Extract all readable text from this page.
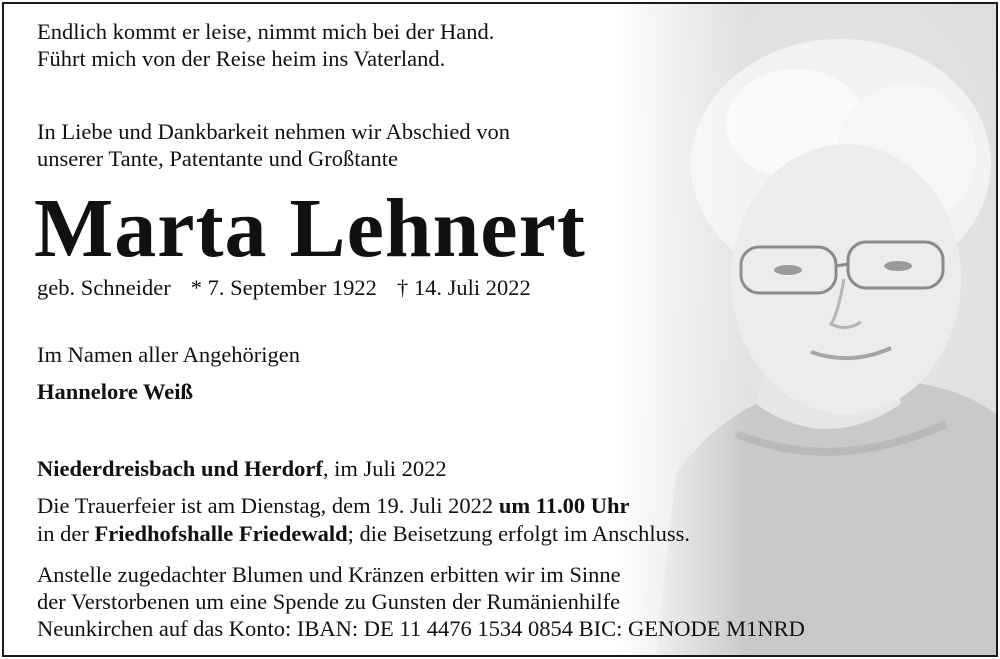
Endlich kommt er leise, nimmt mich bei der Hand.
Führt mich von der Reise heim ins Vaterland.
In Liebe und Dankbarkeit nehmen wir Abschied von
unserer Tante, Patentante und Großtante
Marta Lehnert
geb. Schneider * 7. September 1922 † 14. Juli 2022
Im Namen aller Angehörigen
Hannelore Weiß
Niederdreisbach und Herdorf, im Juli 2022
Die Trauerfeier ist am Dienstag, dem 19. Juli 2022 um 11.00 Uhr
in der Friedhofshalle Friedewald; die Beisetzung erfolgt im Anschluss.
Anstelle zugedachter Blumen und Kränzen erbitten wir im Sinne
der Verstorbenen um eine Spende zu Gunsten der Rumänienhilfe
Neunkirchen auf das Konto: IBAN: DE 11 4476 1534 0854 BIC: GENODE M1NRD
